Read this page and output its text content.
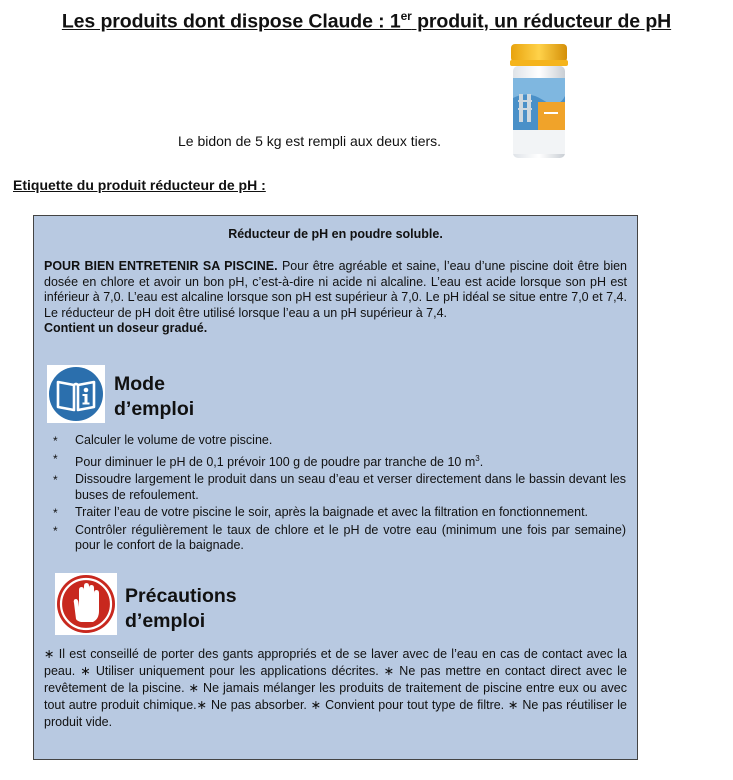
Les produits dont dispose Claude : 1er produit, un réducteur de pH
Le bidon de 5 kg est rempli aux deux tiers.
Etiquette du produit réducteur de pH :
Réducteur de pH en poudre soluble.
POUR BIEN ENTRETENIR SA PISCINE. Pour être agréable et saine, l’eau d’une piscine doit être bien dosée en chlore et avoir un bon pH, c’est-à-dire ni acide ni alcaline. L’eau est acide lorsque son pH est inférieur à 7,0. L’eau est alcaline lorsque son pH est supérieur à 7,0. Le pH idéal se situe entre 7,0 et 7,4. Le réducteur de pH doit être utilisé lorsque l’eau a un pH supérieur à 7,4.
Contient un doseur gradué.
Mode
d’emploi
* Calculer le volume de votre piscine.
* Pour diminuer le pH de 0,1 prévoir 100 g de poudre par tranche de 10 $m^3$.
* Dissoudre largement le produit dans un seau d’eau et verser directement dans le bassin devant les buses de refoulement.
* Traiter l’eau de votre piscine le soir, après la baignade et avec la filtration en fonctionnement.
* Contrôler régulièrement le taux de chlore et le pH de votre eau (minimum une fois par semaine) pour le confort de la baignade.
Précautions
d’emploi
∗ Il est conseillé de porter des gants appropriés et de se laver avec de l’eau en cas de contact avec la peau. ∗ Utiliser uniquement pour les applications décrites. ∗ Ne pas mettre en contact direct avec le revêtement de la piscine. ∗ Ne jamais mélanger les produits de traitement de piscine entre eux ou avec tout autre produit chimique.∗ Ne pas absorber. ∗ Convient pour tout type de filtre. ∗ Ne pas réutiliser le produit vide.
